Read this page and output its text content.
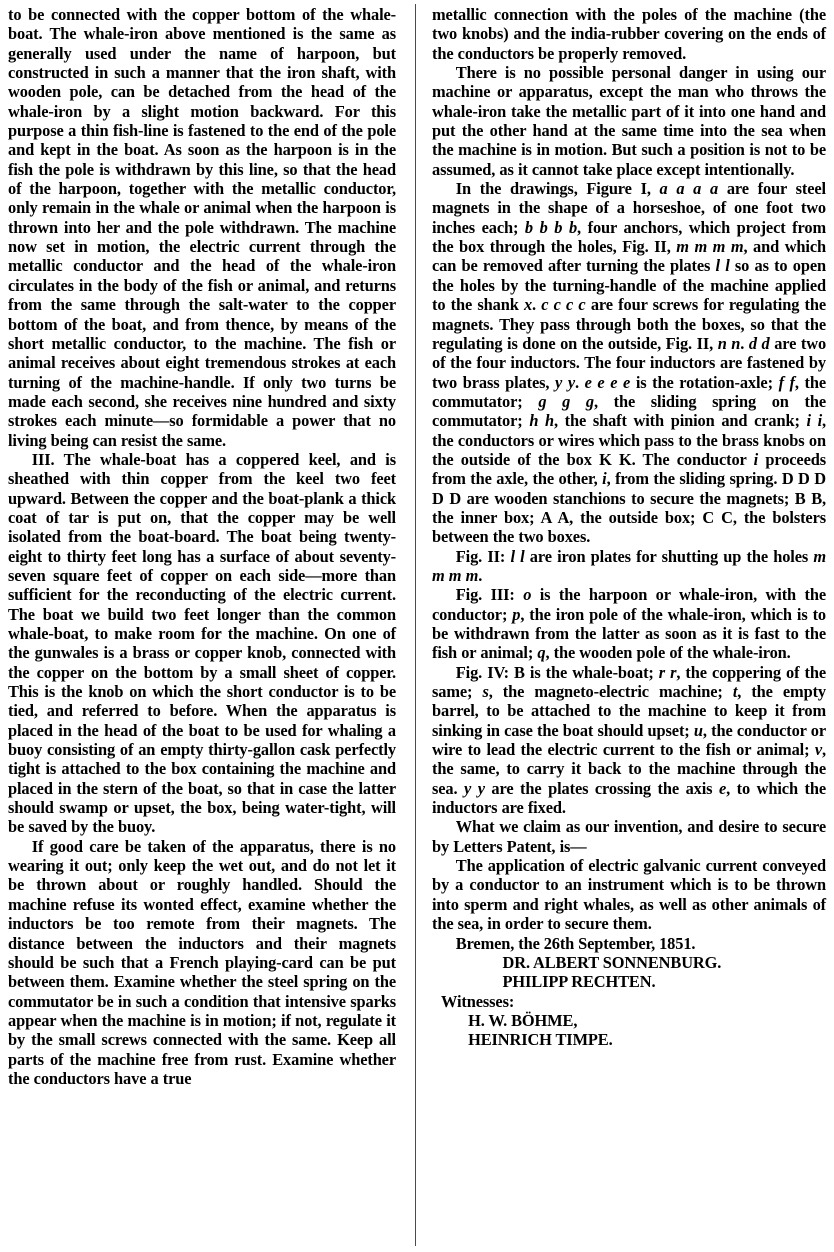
to be connected with the copper bottom of the whale-boat. The whale-iron above mentioned is the same as generally used under the name of harpoon, but constructed in such a manner that the iron shaft, with wooden pole, can be detached from the head of the whale-iron by a slight motion backward. For this purpose a thin fish-line is fastened to the end of the pole and kept in the boat. As soon as the harpoon is in the fish the pole is withdrawn by this line, so that the head of the harpoon, together with the metallic conductor, only remain in the whale or animal when the harpoon is thrown into her and the pole withdrawn. The machine now set in motion, the electric current through the metallic conductor and the head of the whale-iron circulates in the body of the fish or animal, and returns from the same through the salt-water to the copper bottom of the boat, and from thence, by means of the short metallic conductor, to the machine. The fish or animal receives about eight tremendous strokes at each turning of the machine-handle. If only two turns be made each second, she receives nine hundred and sixty strokes each minute—so formidable a power that no living being can resist the same.

III. The whale-boat has a coppered keel, and is sheathed with thin copper from the keel two feet upward. Between the copper and the boat-plank a thick coat of tar is put on, that the copper may be well isolated from the boat-board. The boat being twenty-eight to thirty feet long has a surface of about seventy-seven square feet of copper on each side—more than sufficient for the reconducting of the electric current. The boat we build two feet longer than the common whale-boat, to make room for the machine. On one of the gunwales is a brass or copper knob, connected with the copper on the bottom by a small sheet of copper. This is the knob on which the short conductor is to be tied, and referred to before. When the apparatus is placed in the head of the boat to be used for whaling a buoy consisting of an empty thirty-gallon cask perfectly tight is attached to the box containing the machine and placed in the stern of the boat, so that in case the latter should swamp or upset, the box, being water-tight, will be saved by the buoy.

If good care be taken of the apparatus, there is no wearing it out; only keep the wet out, and do not let it be thrown about or roughly handled. Should the machine refuse its wonted effect, examine whether the inductors be too remote from their magnets. The distance between the inductors and their magnets should be such that a French playing-card can be put between them. Examine whether the steel spring on the commutator be in such a condition that intensive sparks appear when the machine is in motion; if not, regulate it by the small screws connected with the same. Keep all parts of the machine free from rust. Examine whether the conductors have a true

metallic connection with the poles of the machine (the two knobs) and the india-rubber covering on the ends of the conductors be properly removed.

There is no possible personal danger in using our machine or apparatus, except the man who throws the whale-iron take the metallic part of it into one hand and put the other hand at the same time into the sea when the machine is in motion. But such a position is not to be assumed, as it cannot take place except intentionally.

In the drawings, Figure I, a a a a are four steel magnets in the shape of a horseshoe, of one foot two inches each; b b b b, four anchors, which project from the box through the holes, Fig. II, m m m m, and which can be removed after turning the plates l l so as to open the holes by the turning-handle of the machine applied to the shank x. c c c c are four screws for regulating the magnets. They pass through both the boxes, so that the regulating is done on the outside, Fig. II, n n. d d are two of the four inductors. The four inductors are fastened by two brass plates, y y. e e e e is the rotation-axle; f f, the commutator; g g g, the sliding spring on the commutator; h h, the shaft with pinion and crank; i i, the conductors or wires which pass to the brass knobs on the outside of the box K K. The conductor i proceeds from the axle, the other, i, from the sliding spring. D D D D D are wooden stanchions to secure the magnets; B B, the inner box; A A, the outside box; C C, the bolsters between the two boxes.

Fig. II: l l are iron plates for shutting up the holes m m m m.

Fig. III: o is the harpoon or whale-iron, with the conductor; p, the iron pole of the whale-iron, which is to be withdrawn from the latter as soon as it is fast to the fish or animal; q, the wooden pole of the whale-iron.

Fig. IV: B is the whale-boat; r r, the coppering of the same; s, the magneto-electric machine; t, the empty barrel, to be attached to the machine to keep it from sinking in case the boat should upset; u, the conductor or wire to lead the electric current to the fish or animal; v, the same, to carry it back to the machine through the sea. y y are the plates crossing the axis e, to which the inductors are fixed.

What we claim as our invention, and desire to secure by Letters Patent, is—

The application of electric galvanic current conveyed by a conductor to an instrument which is to be thrown into sperm and right whales, as well as other animals of the sea, in order to secure them.

Bremen, the 26th September, 1851.
DR. ALBERT SONNENBURG.
PHILIPP RECHTEN.
Witnesses:
H. W. BÖHME,
HEINRICH TIMPE.
